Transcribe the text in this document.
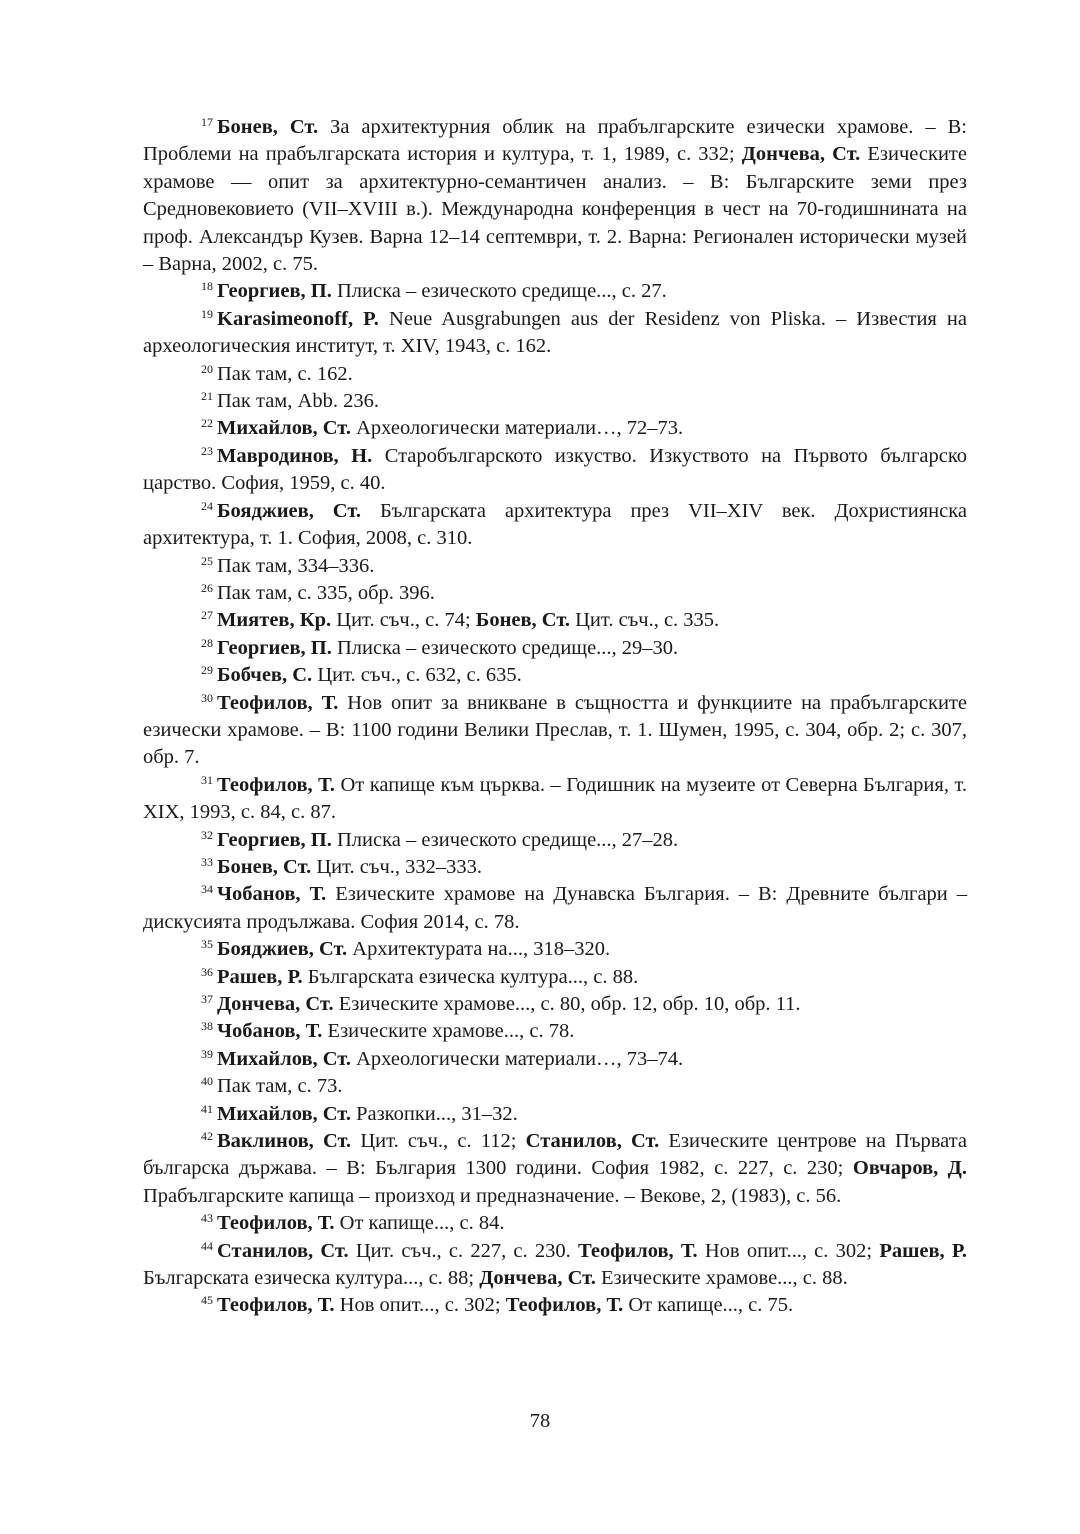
$^{17}$ Бонев, Ст. За архитектурния облик на прабългарските езически храмове. – В: Проблеми на прабългарската история и култура, т. 1, 1989, с. 332; Дончева, Ст. Езическите храмове — опит за архитектурно-семантичен анализ. – В: Българските земи през Средновековието (VII–XVIII в.). Международна конференция в чест на 70-годишнината на проф. Александър Кузев. Варна 12–14 септември, т. 2. Варна: Регионален исторически музей – Варна, 2002, с. 75.

$^{18}$ Георгиев, П. Плиска – езическото средище..., с. 27.

$^{19}$ Karasimeonoff, P. Neue Ausgrabungen aus der Residenz von Pliska. – Известия на археологическия институт, т. XIV, 1943, с. 162.

$^{20}$ Пак там, с. 162.

$^{21}$ Пак там, Abb. 236.

$^{22}$ Михайлов, Ст. Археологически материали…, 72–73.

$^{23}$ Мавродинов, Н. Старобългарското изкуство. Изкуството на Първото българско царство. София, 1959, с. 40.

$^{24}$ Бояджиев, Ст. Българската архитектура през VII–XIV век. Дохристиянска архитектура, т. 1. София, 2008, с. 310.

$^{25}$ Пак там, 334–336.

$^{26}$ Пак там, с. 335, обр. 396.

$^{27}$ Миятев, Кр. Цит. съч., с. 74; Бонев, Ст. Цит. съч., с. 335.

$^{28}$ Георгиев, П. Плиска – езическото средище..., 29–30.

$^{29}$ Бобчев, С. Цит. съч., с. 632, с. 635.

$^{30}$ Теофилов, Т. Нов опит за вникване в същността и функциите на прабългарските езически храмове. – В: 1100 години Велики Преслав, т. 1. Шумен, 1995, с. 304, обр. 2; с. 307, обр. 7.

$^{31}$ Теофилов, Т. От капище към църква. – Годишник на музеите от Северна България, т. XIX, 1993, с. 84, с. 87.

$^{32}$ Георгиев, П. Плиска – езическото средище..., 27–28.

$^{33}$ Бонев, Ст. Цит. съч., 332–333.

$^{34}$ Чобанов, Т. Езическите храмове на Дунавска България. – В: Древните българи – дискусията продължава. София 2014, с. 78.

$^{35}$ Бояджиев, Ст. Архитектурата на..., 318–320.

$^{36}$ Рашев, Р. Българската езическа култура..., с. 88.

$^{37}$ Дончева, Ст. Езическите храмове..., с. 80, обр. 12, обр. 10, обр. 11.

$^{38}$ Чобанов, Т. Езическите храмове..., с. 78.

$^{39}$ Михайлов, Ст. Археологически материали…, 73–74.

$^{40}$ Пак там, с. 73.

$^{41}$ Михайлов, Ст. Разкопки..., 31–32.

$^{42}$ Ваклинов, Ст. Цит. съч., с. 112; Станилов, Ст. Езическите центрове на Първата българска държава. – В: България 1300 години. София 1982, с. 227, с. 230; Овчаров, Д. Прабългарските капища – произход и предназначение. – Векове, 2, (1983), с. 56.

$^{43}$ Теофилов, Т. От капище..., с. 84.

$^{44}$ Станилов, Ст. Цит. съч., с. 227, с. 230. Теофилов, Т. Нов опит..., с. 302; Рашев, Р. Българската езическа култура..., с. 88; Дончева, Ст. Езическите храмове..., с. 88.

$^{45}$ Теофилов, Т. Нов опит..., с. 302; Теофилов, Т. От капище..., с. 75.

78
